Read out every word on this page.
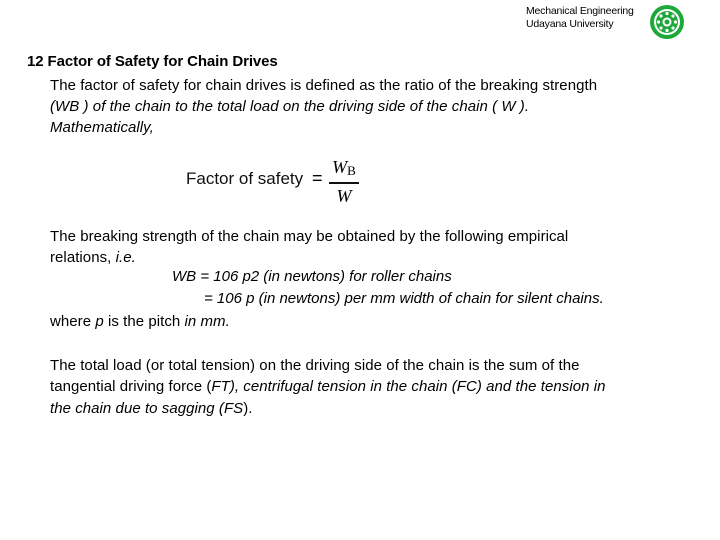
Mechanical Engineering
Udayana University
12 Factor of Safety for Chain Drives
The factor of safety for chain drives is defined as the ratio of the breaking strength
(WB ) of the chain to the total load on the driving side of the chain ( W ).
Mathematically,
Factor of safety =
$W_B$
W
The breaking strength of the chain may be obtained by the following empirical
relations, i.e.
WB = 106 p2 (in newtons) for roller chains
= 106 p (in newtons) per mm width of chain for silent chains.
where p is the pitch in mm.
The total load (or total tension) on the driving side of the chain is the sum of the
tangential driving force (FT), centrifugal tension in the chain (FC) and the tension in
the chain due to sagging (FS).
